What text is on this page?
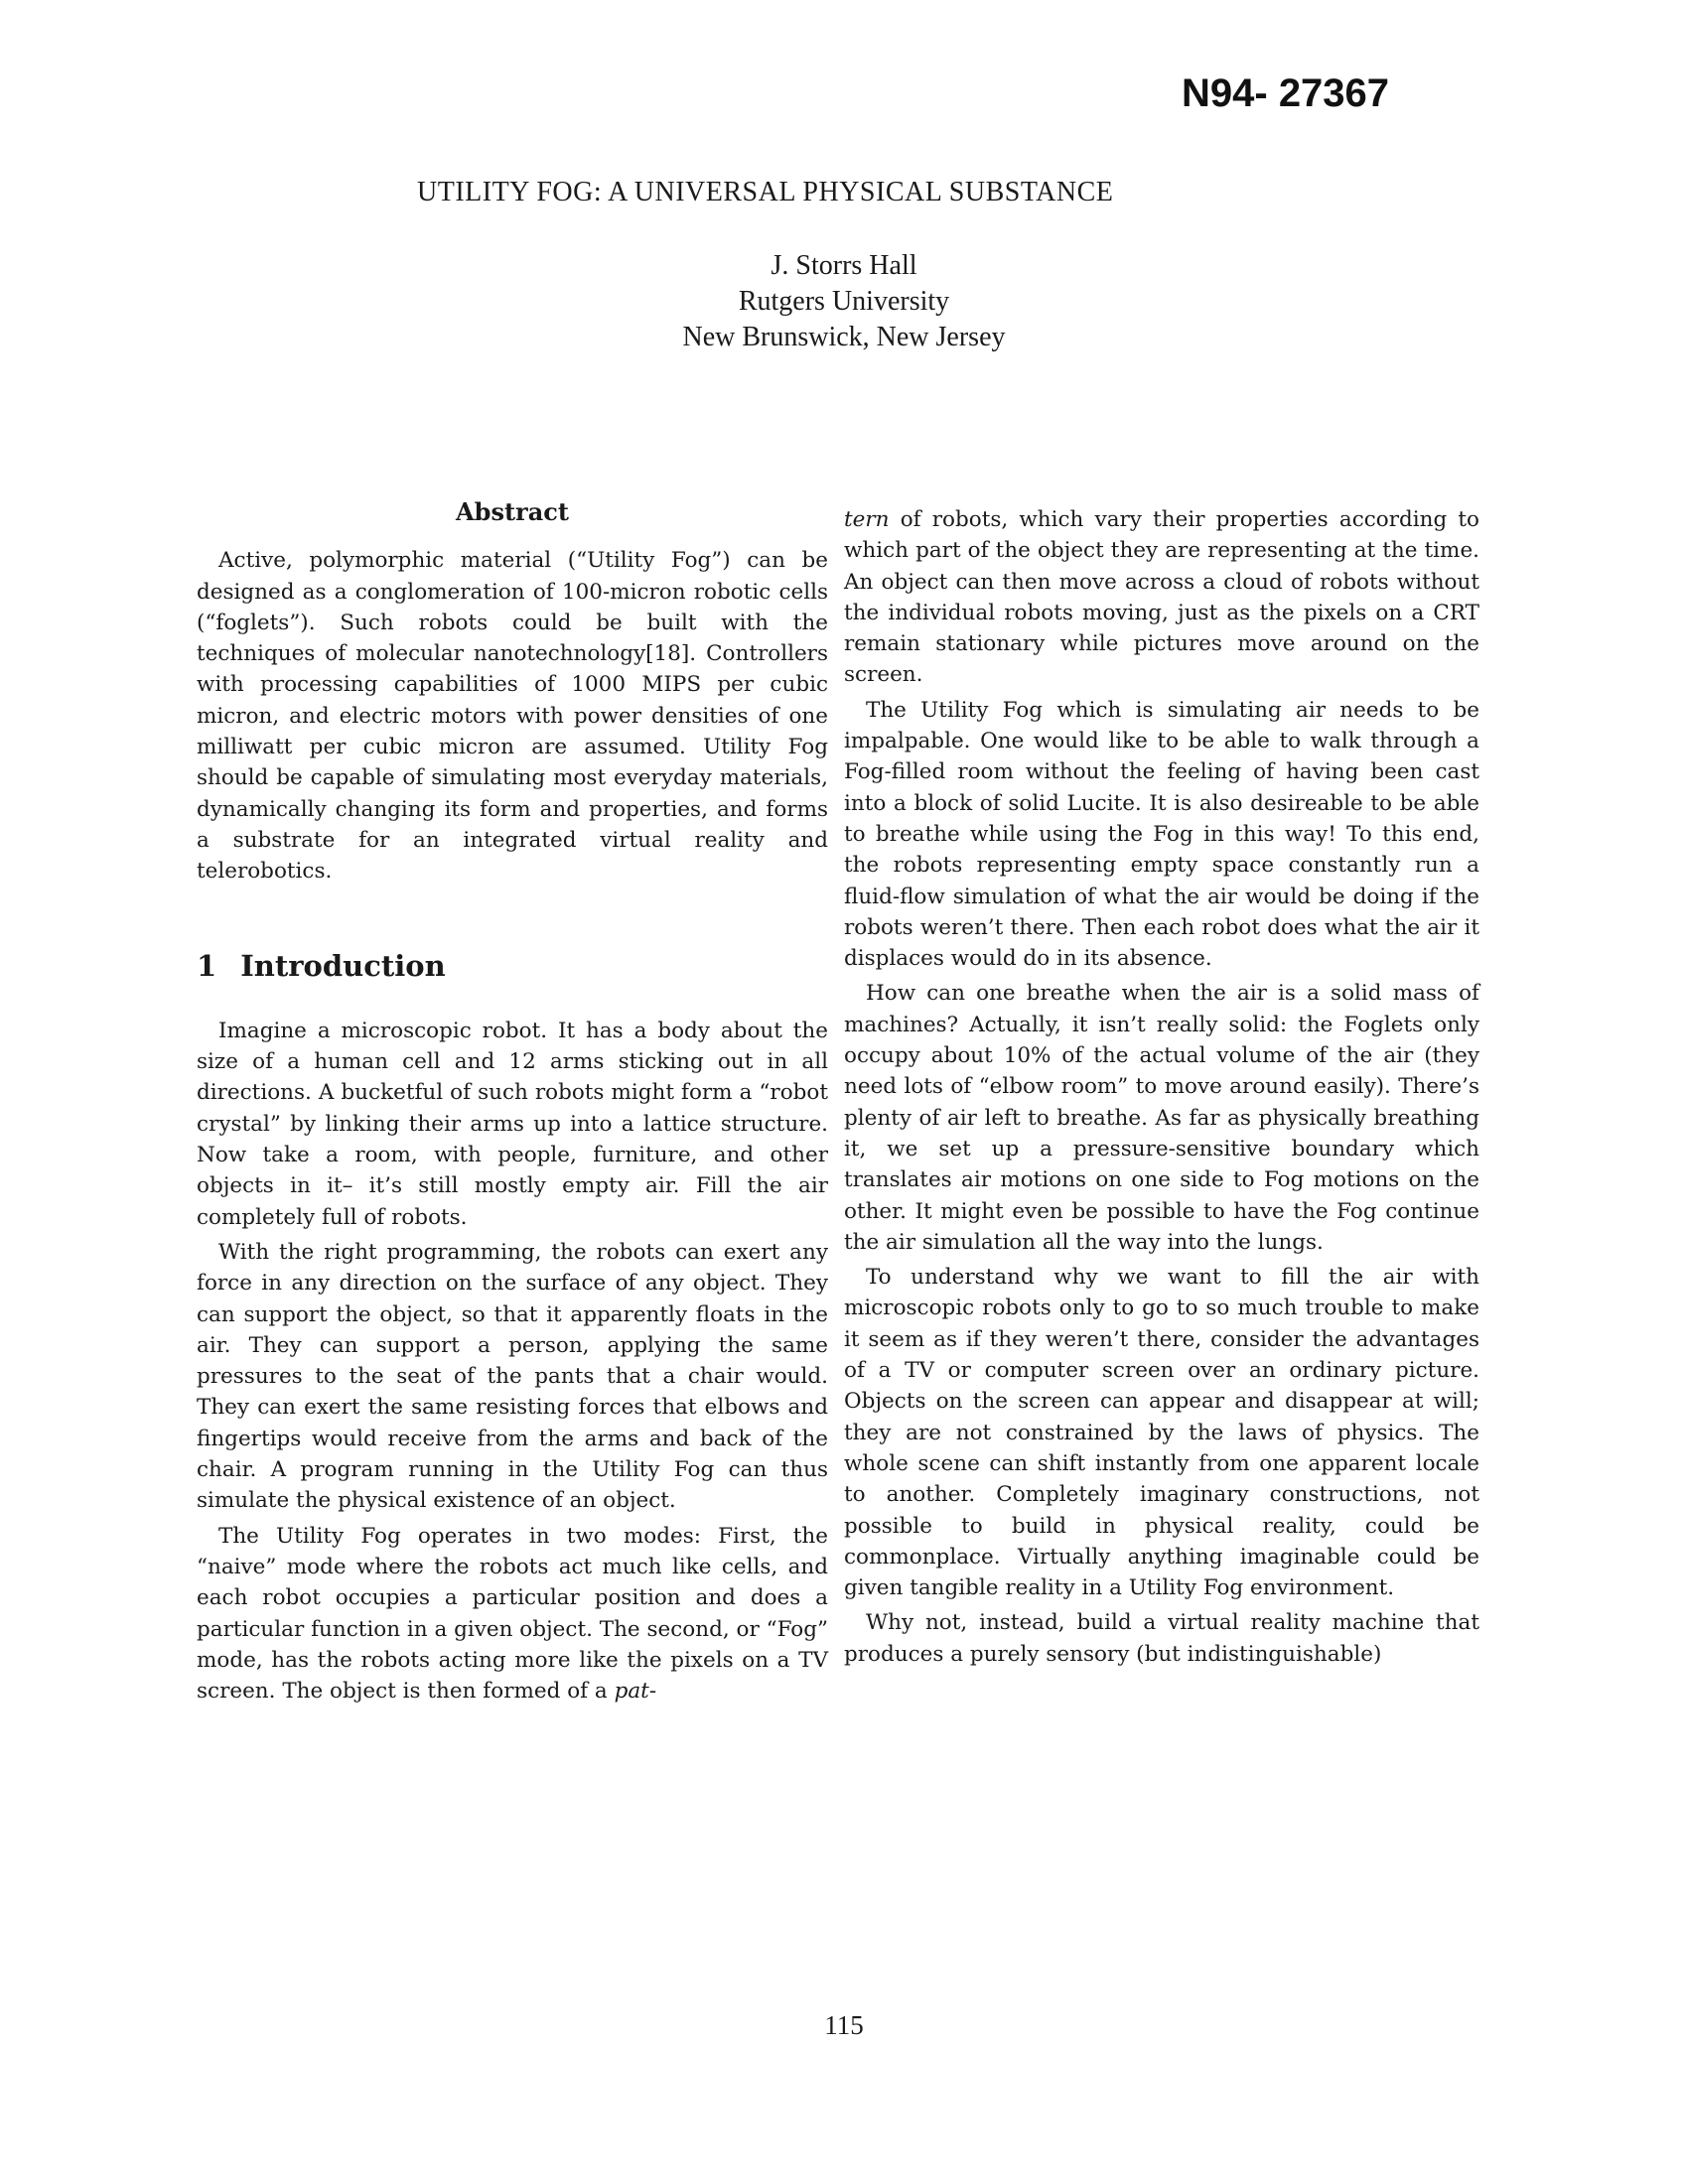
N94- 27367
UTILITY FOG: A UNIVERSAL PHYSICAL SUBSTANCE
J. Storrs Hall
Rutgers University
New Brunswick, New Jersey
Abstract

Active, polymorphic material (“Utility Fog”) can be designed as a conglomeration of 100-micron robotic cells (“foglets”). Such robots could be built with the techniques of molecular nanotechnology[18]. Controllers with processing capabilities of 1000 MIPS per cubic micron, and electric motors with power densities of one milliwatt per cubic micron are assumed. Utility Fog should be capable of simulating most everyday materials, dynamically changing its form and properties, and forms a substrate for an integrated virtual reality and telerobotics.

1 Introduction

Imagine a microscopic robot. It has a body about the size of a human cell and 12 arms sticking out in all directions. A bucketful of such robots might form a “robot crystal” by linking their arms up into a lattice structure. Now take a room, with people, furniture, and other objects in it– it’s still mostly empty air. Fill the air completely full of robots.

With the right programming, the robots can exert any force in any direction on the surface of any object. They can support the object, so that it apparently floats in the air. They can support a person, applying the same pressures to the seat of the pants that a chair would. They can exert the same resisting forces that elbows and fingertips would receive from the arms and back of the chair. A program running in the Utility Fog can thus simulate the physical existence of an object.

The Utility Fog operates in two modes: First, the “naive” mode where the robots act much like cells, and each robot occupies a particular position and does a particular function in a given object. The second, or “Fog” mode, has the robots acting more like the pixels on a TV screen. The object is then formed of a pat-

tern of robots, which vary their properties according to which part of the object they are representing at the time. An object can then move across a cloud of robots without the individual robots moving, just as the pixels on a CRT remain stationary while pictures move around on the screen.

The Utility Fog which is simulating air needs to be impalpable. One would like to be able to walk through a Fog-filled room without the feeling of having been cast into a block of solid Lucite. It is also desireable to be able to breathe while using the Fog in this way! To this end, the robots representing empty space constantly run a fluid-flow simulation of what the air would be doing if the robots weren’t there. Then each robot does what the air it displaces would do in its absence.

How can one breathe when the air is a solid mass of machines? Actually, it isn’t really solid: the Foglets only occupy about 10% of the actual volume of the air (they need lots of “elbow room” to move around easily). There’s plenty of air left to breathe. As far as physically breathing it, we set up a pressure-sensitive boundary which translates air motions on one side to Fog motions on the other. It might even be possible to have the Fog continue the air simulation all the way into the lungs.

To understand why we want to fill the air with microscopic robots only to go to so much trouble to make it seem as if they weren’t there, consider the advantages of a TV or computer screen over an ordinary picture. Objects on the screen can appear and disappear at will; they are not constrained by the laws of physics. The whole scene can shift instantly from one apparent locale to another. Completely imaginary constructions, not possible to build in physical reality, could be commonplace. Virtually anything imaginable could be given tangible reality in a Utility Fog environment.

Why not, instead, build a virtual reality machine that produces a purely sensory (but indistinguishable)

115
